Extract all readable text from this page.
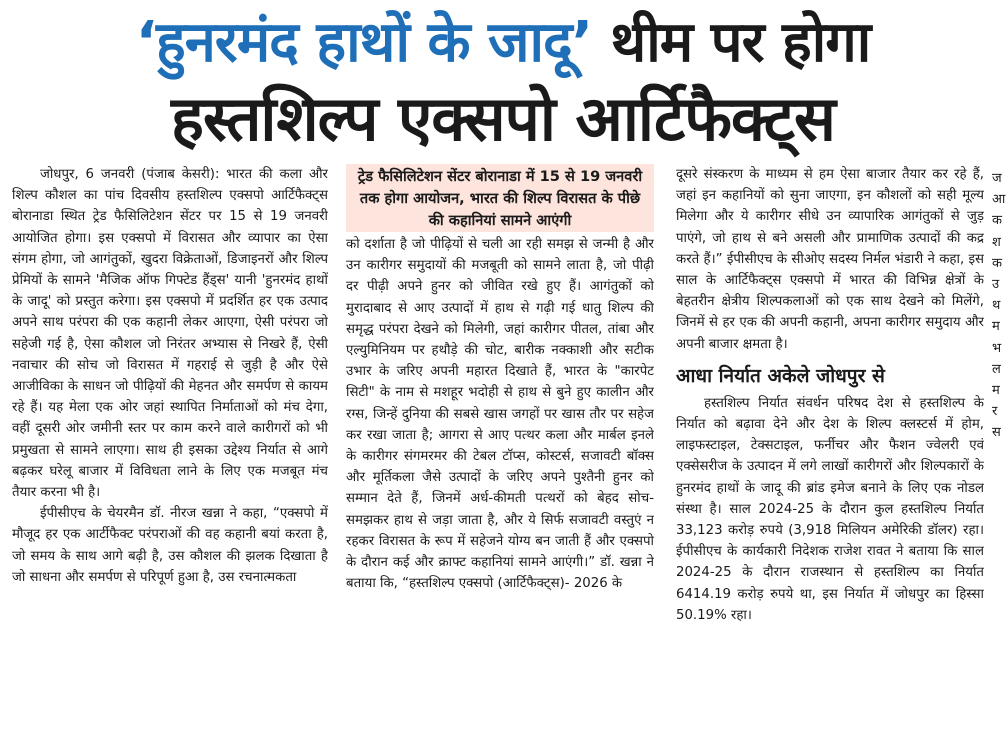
‘हुनरमंद हाथों के जादू’ थीम पर होगा
हस्तशिल्प एक्सपो आर्टिफैक्ट्स

जोधपुर, 6 जनवरी (पंजाब केसरी): भारत की कला और शिल्प कौशल का पांच दिवसीय हस्तशिल्प एक्सपो आर्टिफैक्ट्स बोरानाडा स्थित ट्रेड फैसिलिटेशन सेंटर पर 15 से 19 जनवरी आयोजित होगा। इस एक्सपो में विरासत और व्यापार का ऐसा संगम होगा, जो आगंतुकों, खुदरा विक्रेताओं, डिजाइनरों और शिल्प प्रेमियों के सामने 'मैजिक ऑफ गिफ्टेड हैंड्स' यानी 'हुनरमंद हाथों के जादू' को प्रस्तुत करेगा। इस एक्सपो में प्रदर्शित हर एक उत्पाद अपने साथ परंपरा की एक कहानी लेकर आएगा, ऐसी परंपरा जो सहेजी गई है, ऐसा कौशल जो निरंतर अभ्यास से निखरे हैं, ऐसी नवाचार की सोच जो विरासत में गहराई से जुड़ी है और ऐसे आजीविका के साधन जो पीढ़ियों की मेहनत और समर्पण से कायम रहे हैं। यह मेला एक ओर जहां स्थापित निर्माताओं को मंच देगा, वहीं दूसरी ओर जमीनी स्तर पर काम करने वाले कारीगरों को भी प्रमुखता से सामने लाएगा। साथ ही इसका उद्देश्य निर्यात से आगे बढ़कर घरेलू बाजार में विविधता लाने के लिए एक मजबूत मंच तैयार करना भी है।

ईपीसीएच के चेयरमैन डॉ. नीरज खन्ना ने कहा, “एक्सपो में मौजूद हर एक आर्टीफैक्ट परंपराओं की वह कहानी बयां करता है, जो समय के साथ आगे बढ़ी है, उस कौशल की झलक दिखाता है जो साधना और समर्पण से परिपूर्ण हुआ है, उस रचनात्मकता

ट्रेड फैसिलिटेशन सेंटर बोरानाडा में 15 से 19 जनवरी तक होगा आयोजन, भारत की शिल्प विरासत के पीछे की कहानियां सामने आएंगी

को दर्शाता है जो पीढ़ियों से चली आ रही समझ से जन्मी है और उन कारीगर समुदायों की मजबूती को सामने लाता है, जो पीढ़ी दर पीढ़ी अपने हुनर को जीवित रखे हुए हैं। आगंतुकों को मुरादाबाद से आए उत्पादों में हाथ से गढ़ी गई धातु शिल्प की समृद्ध परंपरा देखने को मिलेगी, जहां कारीगर पीतल, तांबा और एल्युमिनियम पर हथौड़े की चोट, बारीक नक्काशी और सटीक उभार के जरिए अपनी महारत दिखाते हैं, भारत के "कारपेट सिटी" के नाम से मशहूर भदोही से हाथ से बुने हुए कालीन और रग्स, जिन्हें दुनिया की सबसे खास जगहों पर खास तौर पर सहेज कर रखा जाता है; आगरा से आए पत्थर कला और मार्बल इनले के कारीगर संगमरमर की टेबल टॉप्स, कोस्टर्स, सजावटी बॉक्स और मूर्तिकला जैसे उत्पादों के जरिए अपने पुश्तैनी हुनर को सम्मान देते हैं, जिनमें अर्ध-कीमती पत्थरों को बेहद सोच-समझकर हाथ से जड़ा जाता है, और ये सिर्फ सजावटी वस्तुएं न रहकर विरासत के रूप में सहेजने योग्य बन जाती हैं और एक्सपो के दौरान कई और क्राफ्ट कहानियां सामने आएंगी।” डॉ. खन्ना ने बताया कि, “हस्तशिल्प एक्सपो (आर्टिफैक्ट्स)- 2026 के

दूसरे संस्करण के माध्यम से हम ऐसा बाजार तैयार कर रहे हैं, जहां इन कहानियों को सुना जाएगा, इन कौशलों को सही मूल्य मिलेगा और ये कारीगर सीधे उन व्यापारिक आगंतुकों से जुड़ पाएंगे, जो हाथ से बने असली और प्रामाणिक उत्पादों की कद्र करते हैं।” ईपीसीएच के सीओए सदस्य निर्मल भंडारी ने कहा, इस साल के आर्टिफैक्ट्स एक्सपो में भारत की विभिन्न क्षेत्रों के बेहतरीन क्षेत्रीय शिल्पकलाओं को एक साथ देखने को मिलेंगे, जिनमें से हर एक की अपनी कहानी, अपना कारीगर समुदाय और अपनी बाजार क्षमता है।

आधा निर्यात अकेले जोधपुर से

हस्तशिल्प निर्यात संवर्धन परिषद देश से हस्तशिल्प के निर्यात को बढ़ावा देने और देश के शिल्प क्लस्टर्स में होम, लाइफस्टाइल, टेक्सटाइल, फर्नीचर और फैशन ज्वेलरी एवं एक्सेसरीज के उत्पादन में लगे लाखों कारीगरों और शिल्पकारों के हुनरमंद हाथों के जादू की ब्रांड इमेज बनाने के लिए एक नोडल संस्था है। साल 2024-25 के दौरान कुल हस्तशिल्प निर्यात 33,123 करोड़ रुपये (3,918 मिलियन अमेरिकी डॉलर) रहा। ईपीसीएच के कार्यकारी निदेशक राजेश रावत ने बताया कि साल 2024-25 के दौरान राजस्थान से हस्तशिल्प का निर्यात 6414.19 करोड़ रुपये था, इस निर्यात में जोधपुर का हिस्सा 50.19% रहा।

ज आ क श क उ थ म भ ल म र स
